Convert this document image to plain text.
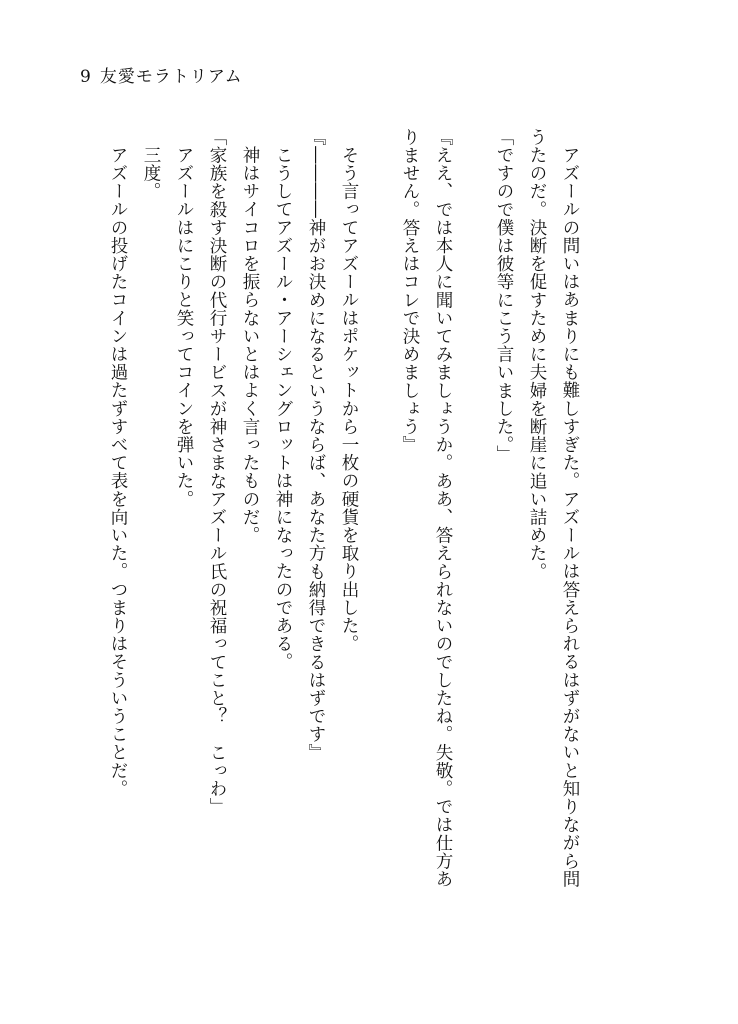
9 友愛モラトリアム
アズールの問いはあまりにも難しすぎた。アズールは答えられるはずがないと知りながら問
うたのだ。決断を促すために夫婦を断崖に追い詰めた。
「ですので僕は彼等にこう言いました。」
『ええ、では本人に聞いてみましょうか。ああ、答えられないのでしたね。失敬。では仕方あ
りません。答えはコレで決めましょう』
そう言ってアズールはポケットから一枚の硬貨を取り出した。
『――――神がお決めになるというならば、あなた方も納得できるはずです』
こうしてアズール・アーシェングロットは神になったのである。
神はサイコロを振らないとはよく言ったものだ。
「家族を殺す決断の代行サービスが神さまなアズール氏の祝福ってこと？　こっわ」
アズールはにこりと笑ってコインを弾いた。
三度。
アズールの投げたコインは過たずすべて表を向いた。つまりはそういうことだ。
